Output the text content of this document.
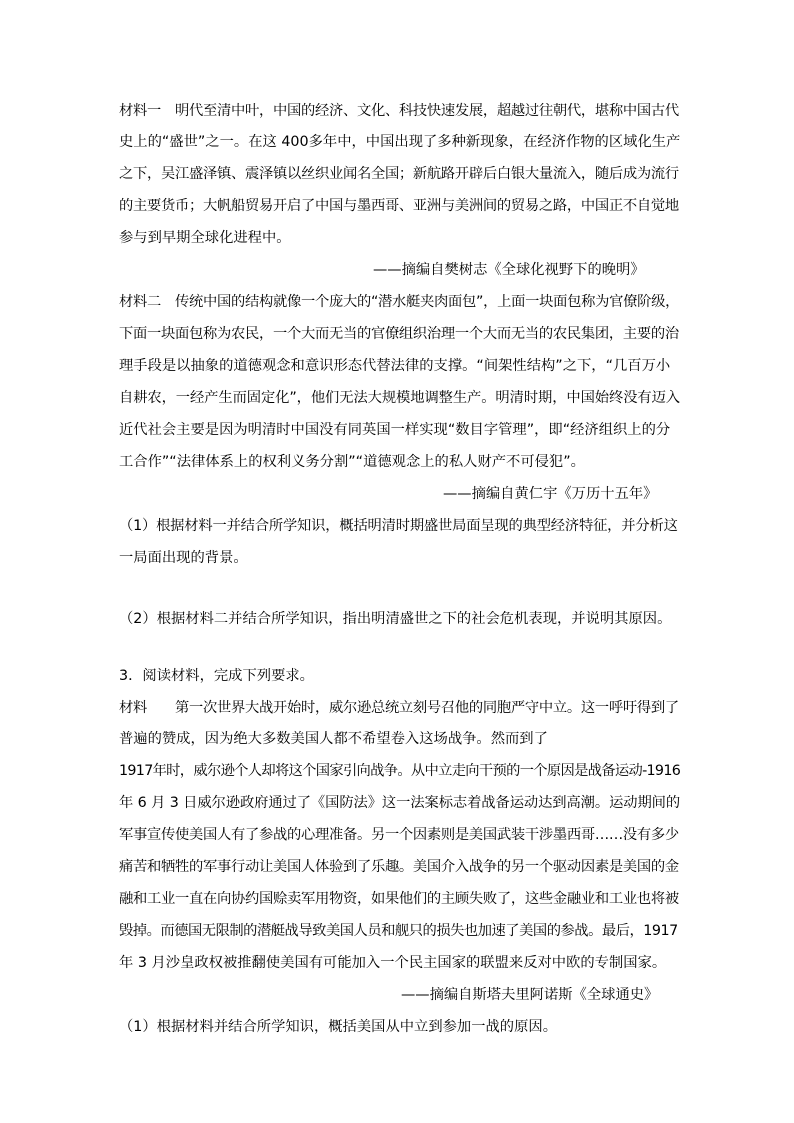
材料一　明代至清中叶，中国的经济、文化、科技快速发展，超越过往朝代，堪称中国古代
史上的“盛世”之一。在这 400多年中，中国出现了多种新现象，在经济作物的区域化生产
之下，吴江盛泽镇、震泽镇以丝织业闻名全国；新航路开辟后白银大量流入，随后成为流行
的主要货币；大帆船贸易开启了中国与墨西哥、亚洲与美洲间的贸易之路，中国正不自觉地
参与到早期全球化进程中。
——摘编自樊树志《全球化视野下的晚明》
材料二　传统中国的结构就像一个庞大的“潜水艇夹肉面包”，上面一块面包称为官僚阶级，
下面一块面包称为农民，一个大而无当的官僚组织治理一个大而无当的农民集团，主要的治
理手段是以抽象的道德观念和意识形态代替法律的支撑。“间架性结构”之下，“几百万小
自耕农，一经产生而固定化”，他们无法大规模地调整生产。明清时期，中国始终没有迈入
近代社会主要是因为明清时中国没有同英国一样实现“数目字管理”，即“经济组织上的分
工合作”“法律体系上的权利义务分割”“道德观念上的私人财产不可侵犯”。
——摘编自黄仁宇《万历十五年》
（1）根据材料一并结合所学知识，概括明清时期盛世局面呈现的典型经济特征，并分析这
一局面出现的背景。
（2）根据材料二并结合所学知识，指出明清盛世之下的社会危机表现，并说明其原因。
3．阅读材料，完成下列要求。
材料　　第一次世界大战开始时，威尔逊总统立刻号召他的同胞严守中立。这一呼吁得到了
普遍的赞成，因为绝大多数美国人都不希望卷入这场战争。然而到了
1917年时，威尔逊个人却将这个国家引向战争。从中立走向干预的一个原因是战备运动-1916
年 6 月 3 日威尔逊政府通过了《国防法》这一法案标志着战备运动达到高潮。运动期间的
军事宣传使美国人有了参战的心理准备。另一个因素则是美国武装干涉墨西哥……没有多少
痛苦和牺牲的军事行动让美国人体验到了乐趣。美国介入战争的另一个驱动因素是美国的金
融和工业一直在向协约国赊卖军用物资，如果他们的主顾失败了，这些金融业和工业也将被
毁掉。而德国无限制的潜艇战导致美国人员和舰只的损失也加速了美国的参战。最后，1917
年 3 月沙皇政权被推翻使美国有可能加入一个民主国家的联盟来反对中欧的专制国家。
——摘编自斯塔夫里阿诺斯《全球通史》
（1）根据材料并结合所学知识，概括美国从中立到参加一战的原因。
